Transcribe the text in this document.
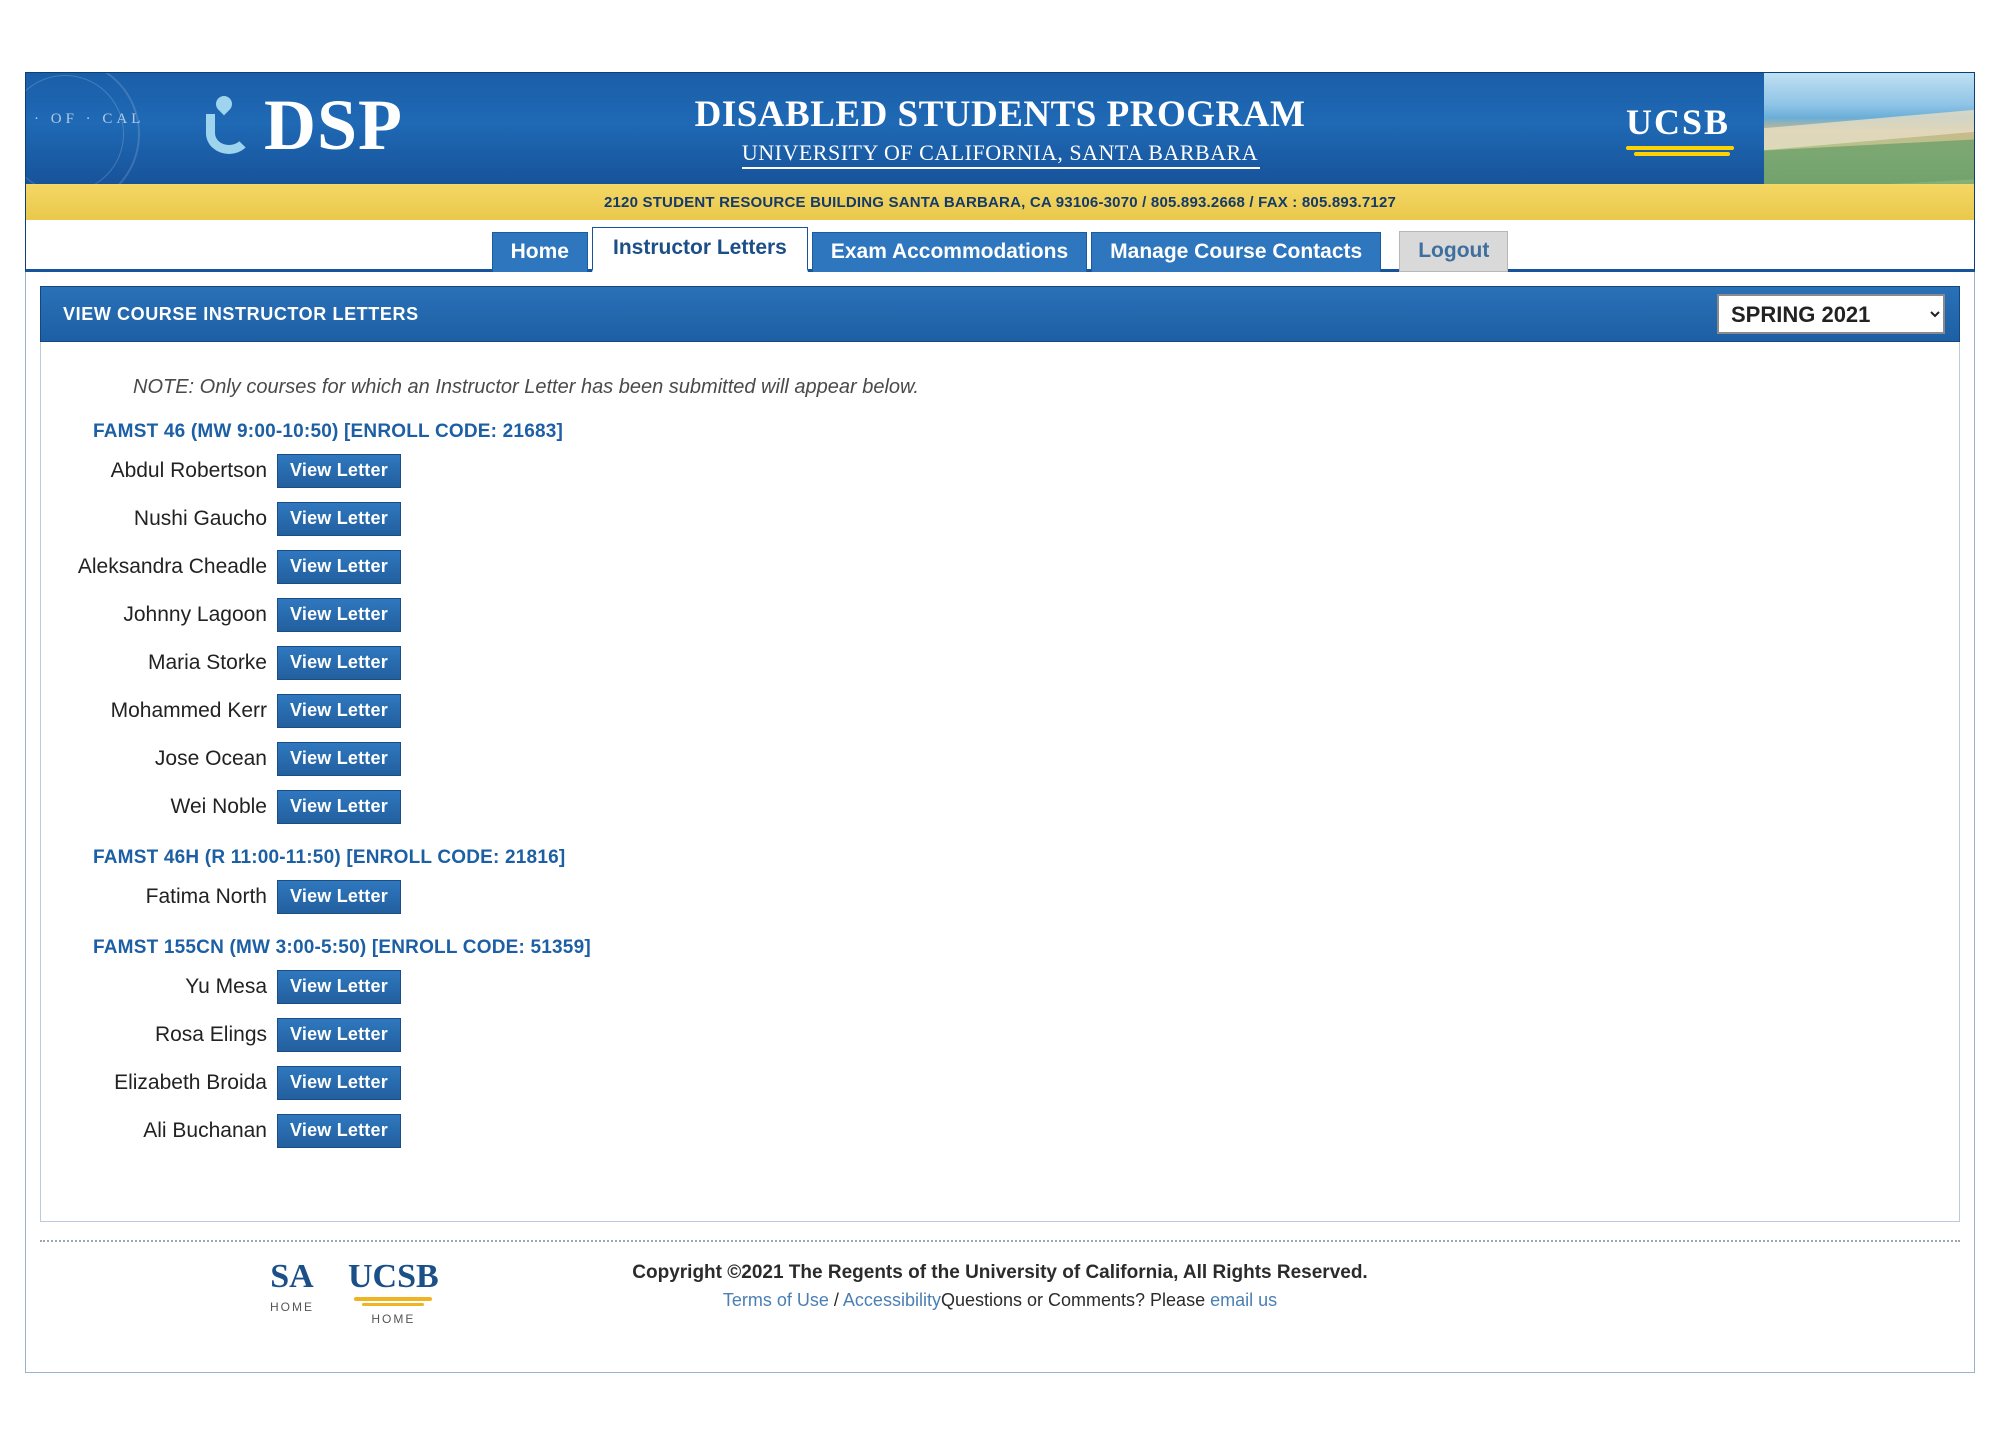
· OF · CAL DSP	DISABLED STUDENTS PROGRAM
UNIVERSITY OF CALIFORNIA, SANTA BARBARA
UCSB
2120 STUDENT RESOURCE BUILDING SANTA BARBARA, CA 93106-3070 / 805.893.2668 / FAX : 805.893.7127
Home	Instructor Letters	Exam Accommodations	Manage Course Contacts	Logout
VIEW COURSE INSTRUCTOR LETTERS
SPRING 2021
NOTE: Only courses for which an Instructor Letter has been submitted will appear below.
FAMST 46 (MW 9:00-10:50) [ENROLL CODE: 21683]
Abdul Robertson	View Letter
Nushi Gaucho	View Letter
Aleksandra Cheadle	View Letter
Johnny Lagoon	View Letter
Maria Storke	View Letter
Mohammed Kerr	View Letter
Jose Ocean	View Letter
Wei Noble	View Letter
FAMST 46H (R 11:00-11:50) [ENROLL CODE: 21816]
Fatima North	View Letter
FAMST 155CN (MW 3:00-5:50) [ENROLL CODE: 51359]
Yu Mesa	View Letter
Rosa Elings	View Letter
Elizabeth Broida	View Letter
Ali Buchanan	View Letter
SA
HOME
UCSB
HOME
Copyright ©2021 The Regents of the University of California, All Rights Reserved.
Terms of Use / AccessibilityQuestions or Comments? Please email us
